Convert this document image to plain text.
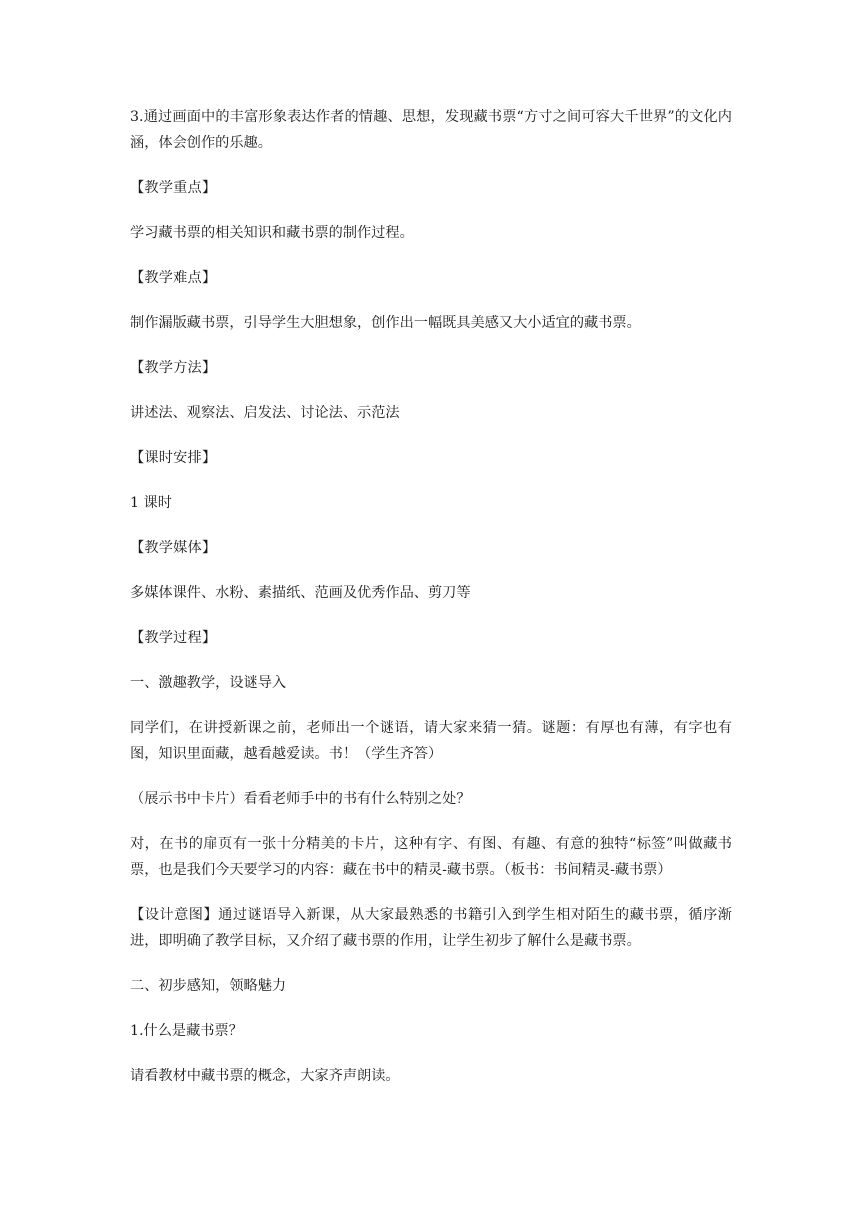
3.通过画面中的丰富形象表达作者的情趣、思想，发现藏书票“方寸之间可容大千世界”的文化内涵，体会创作的乐趣。

【教学重点】

学习藏书票的相关知识和藏书票的制作过程。

【教学难点】

制作漏版藏书票，引导学生大胆想象，创作出一幅既具美感又大小适宜的藏书票。

【教学方法】

讲述法、观察法、启发法、讨论法、示范法

【课时安排】

1 课时

【教学媒体】

多媒体课件、水粉、素描纸、范画及优秀作品、剪刀等

【教学过程】

一、激趣教学，设谜导入

同学们，在讲授新课之前，老师出一个谜语，请大家来猜一猜。谜题：有厚也有薄，有字也有图，知识里面藏，越看越爱读。书！（学生齐答）

（展示书中卡片）看看老师手中的书有什么特别之处？

对，在书的扉页有一张十分精美的卡片，这种有字、有图、有趣、有意的独特“标签”叫做藏书票，也是我们今天要学习的内容：藏在书中的精灵-藏书票。（板书：书间精灵-藏书票）

【设计意图】通过谜语导入新课，从大家最熟悉的书籍引入到学生相对陌生的藏书票，循序渐进，即明确了教学目标，又介绍了藏书票的作用，让学生初步了解什么是藏书票。

二、初步感知，领略魅力

1.什么是藏书票？

请看教材中藏书票的概念，大家齐声朗读。
